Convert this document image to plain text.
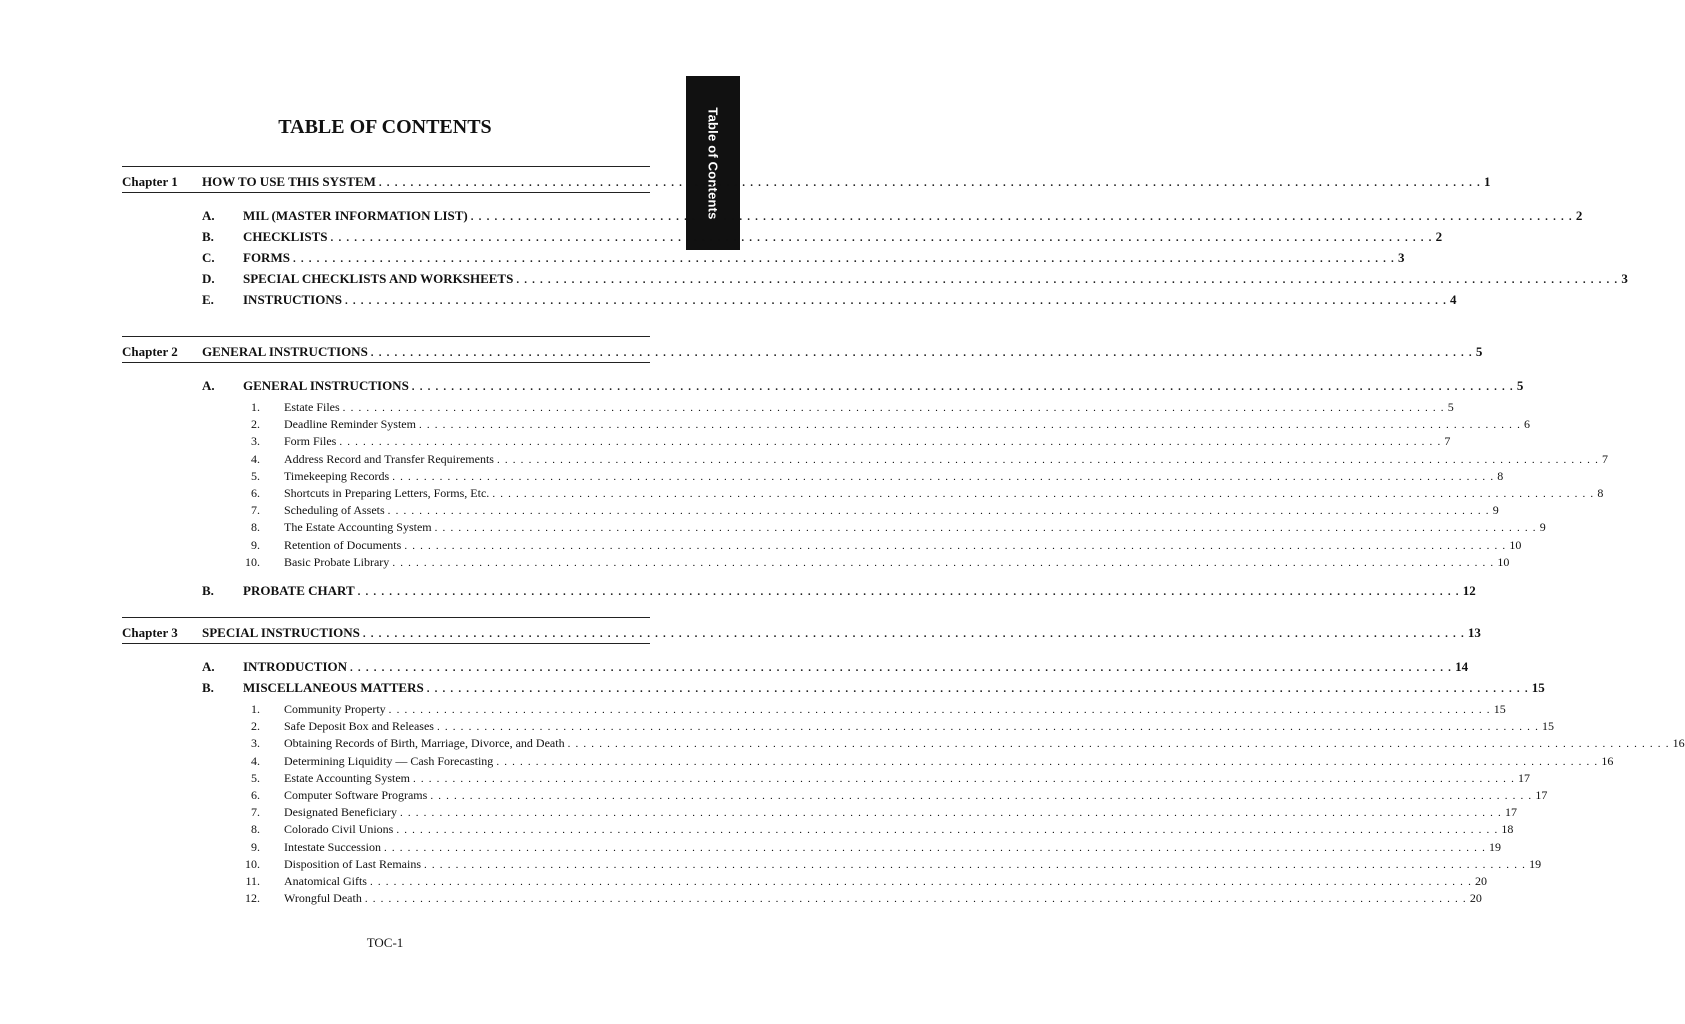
Table of Contents
TABLE OF CONTENTS
Chapter 1 HOW TO USE THIS SYSTEM . . . . . . . . . . . . . . . . . . . . . . . . . . . . . . . . . . . . . . . . . . . . . . . . . . . . . . . . . . . . . . . . . . . . . . . . . . . . . . . . . . . . . . . . . . . . . . . . . . . . . . . . . . . . . . . . . . . . . . . . . . . . . . . . . . . . . . . . . . . . 1
A. MIL (MASTER INFORMATION LIST) . . . . . . . . . . . . . . . . . . . . . . . . . . . . . . . . . . . . . . . . . . . . . . . . . . . . . . . . . . . . . . . . . . . . . . . . . . . . . . . . . . . . . . . . . . . . . . . . . . . . . . . . . . . . . . . . . . . . . . . . . . . . . . . . . . . . . . . . . . . . 2
B. CHECKLISTS . . . . . . . . . . . . . . . . . . . . . . . . . . . . . . . . . . . . . . . . . . . . . . . . . . . . . . . . . . . . . . . . . . . . . . . . . . . . . . . . . . . . . . . . . . . . . . . . . . . . . . . . . . . . . . . . . . . . . . . . . . . . . . . . . . . . . . . . . . . . 2
C. FORMS . . . . . . . . . . . . . . . . . . . . . . . . . . . . . . . . . . . . . . . . . . . . . . . . . . . . . . . . . . . . . . . . . . . . . . . . . . . . . . . . . . . . . . . . . . . . . . . . . . . . . . . . . . . . . . . . . . . . . . . . . . . . . . . . . . . . . . . . . . . . 3
D. SPECIAL CHECKLISTS AND WORKSHEETS . . . . . . . . . . . . . . . . . . . . . . . . . . . . . . . . . . . . . . . . . . . . . . . . . . . . . . . . . . . . . . . . . . . . . . . . . . . . . . . . . . . . . . . . . . . . . . . . . . . . . . . . . . . . . . . . . . . . . . . . . . . . . . . . . . . . . . . . . . . . 3
E. INSTRUCTIONS . . . . . . . . . . . . . . . . . . . . . . . . . . . . . . . . . . . . . . . . . . . . . . . . . . . . . . . . . . . . . . . . . . . . . . . . . . . . . . . . . . . . . . . . . . . . . . . . . . . . . . . . . . . . . . . . . . . . . . . . . . . . . . . . . . . . . . . . . . . . 4
Chapter 2 GENERAL INSTRUCTIONS . . . . . . . . . . . . . . . . . . . . . . . . . . . . . . . . . . . . . . . . . . . . . . . . . . . . . . . . . . . . . . . . . . . . . . . . . . . . . . . . . . . . . . . . . . . . . . . . . . . . . . . . . . . . . . . . . . . . . . . . . . . . . . . . . . . . . . . . . . . . 5
A. GENERAL INSTRUCTIONS . . . . . . . . . . . . . . . . . . . . . . . . . . . . . . . . . . . . . . . . . . . . . . . . . . . . . . . . . . . . . . . . . . . . . . . . . . . . . . . . . . . . . . . . . . . . . . . . . . . . . . . . . . . . . . . . . . . . . . . . . . . . . . . . . . . . . . . . . . . . 5
1. Estate Files . . . . . . . . . . . . . . . . . . . . . . . . . . . . . . . . . . . . . . . . . . . . . . . . . . . . . . . . . . . . . . . . . . . . . . . . . . . . . . . . . . . . . . . . . . . . . . . . . . . . . . . . . . . . . . . . . . . . . . . . . . . . . . . . . . . . . . . . . . . . 5
2. Deadline Reminder System . . . . . . . . . . . . . . . . . . . . . . . . . . . . . . . . . . . . . . . . . . . . . . . . . . . . . . . . . . . . . . . . . . . . . . . . . . . . . . . . . . . . . . . . . . . . . . . . . . . . . . . . . . . . . . . . . . . . . . . . . . . . . . . . . . . . . . . . . . . . 6
3. Form Files . . . . . . . . . . . . . . . . . . . . . . . . . . . . . . . . . . . . . . . . . . . . . . . . . . . . . . . . . . . . . . . . . . . . . . . . . . . . . . . . . . . . . . . . . . . . . . . . . . . . . . . . . . . . . . . . . . . . . . . . . . . . . . . . . . . . . . . . . . . . 7
4. Address Record and Transfer Requirements . . . . . . . . . . . . . . . . . . . . . . . . . . . . . . . . . . . . . . . . . . . . . . . . . . . . . . . . . . . . . . . . . . . . . . . . . . . . . . . . . . . . . . . . . . . . . . . . . . . . . . . . . . . . . . . . . . . . . . . . . . . . . . . . . . . . . . . . . . . . 7
5. Timekeeping Records . . . . . . . . . . . . . . . . . . . . . . . . . . . . . . . . . . . . . . . . . . . . . . . . . . . . . . . . . . . . . . . . . . . . . . . . . . . . . . . . . . . . . . . . . . . . . . . . . . . . . . . . . . . . . . . . . . . . . . . . . . . . . . . . . . . . . . . . . . . . 8
6. Shortcuts in Preparing Letters, Forms, Etc. . . . . . . . . . . . . . . . . . . . . . . . . . . . . . . . . . . . . . . . . . . . . . . . . . . . . . . . . . . . . . . . . . . . . . . . . . . . . . . . . . . . . . . . . . . . . . . . . . . . . . . . . . . . . . . . . . . . . . . . . . . . . . . . . . . . . . . . . . . . . 8
7. Scheduling of Assets . . . . . . . . . . . . . . . . . . . . . . . . . . . . . . . . . . . . . . . . . . . . . . . . . . . . . . . . . . . . . . . . . . . . . . . . . . . . . . . . . . . . . . . . . . . . . . . . . . . . . . . . . . . . . . . . . . . . . . . . . . . . . . . . . . . . . . . . . . . . 9
8. The Estate Accounting System . . . . . . . . . . . . . . . . . . . . . . . . . . . . . . . . . . . . . . . . . . . . . . . . . . . . . . . . . . . . . . . . . . . . . . . . . . . . . . . . . . . . . . . . . . . . . . . . . . . . . . . . . . . . . . . . . . . . . . . . . . . . . . . . . . . . . . . . . . . . 9
9. Retention of Documents . . . . . . . . . . . . . . . . . . . . . . . . . . . . . . . . . . . . . . . . . . . . . . . . . . . . . . . . . . . . . . . . . . . . . . . . . . . . . . . . . . . . . . . . . . . . . . . . . . . . . . . . . . . . . . . . . . . . . . . . . . . . . . . . . . . . . . . . . . . . 10
10. Basic Probate Library . . . . . . . . . . . . . . . . . . . . . . . . . . . . . . . . . . . . . . . . . . . . . . . . . . . . . . . . . . . . . . . . . . . . . . . . . . . . . . . . . . . . . . . . . . . . . . . . . . . . . . . . . . . . . . . . . . . . . . . . . . . . . . . . . . . . . . . . . . . . 10
B. PROBATE CHART . . . . . . . . . . . . . . . . . . . . . . . . . . . . . . . . . . . . . . . . . . . . . . . . . . . . . . . . . . . . . . . . . . . . . . . . . . . . . . . . . . . . . . . . . . . . . . . . . . . . . . . . . . . . . . . . . . . . . . . . . . . . . . . . . . . . . . . . . . . . 12
Chapter 3 SPECIAL INSTRUCTIONS . . . . . . . . . . . . . . . . . . . . . . . . . . . . . . . . . . . . . . . . . . . . . . . . . . . . . . . . . . . . . . . . . . . . . . . . . . . . . . . . . . . . . . . . . . . . . . . . . . . . . . . . . . . . . . . . . . . . . . . . . . . . . . . . . . . . . . . . . . . . 13
A. INTRODUCTION . . . . . . . . . . . . . . . . . . . . . . . . . . . . . . . . . . . . . . . . . . . . . . . . . . . . . . . . . . . . . . . . . . . . . . . . . . . . . . . . . . . . . . . . . . . . . . . . . . . . . . . . . . . . . . . . . . . . . . . . . . . . . . . . . . . . . . . . . . . . 14
B. MISCELLANEOUS MATTERS . . . . . . . . . . . . . . . . . . . . . . . . . . . . . . . . . . . . . . . . . . . . . . . . . . . . . . . . . . . . . . . . . . . . . . . . . . . . . . . . . . . . . . . . . . . . . . . . . . . . . . . . . . . . . . . . . . . . . . . . . . . . . . . . . . . . . . . . . . . . 15
1. Community Property . . . . . . . . . . . . . . . . . . . . . . . . . . . . . . . . . . . . . . . . . . . . . . . . . . . . . . . . . . . . . . . . . . . . . . . . . . . . . . . . . . . . . . . . . . . . . . . . . . . . . . . . . . . . . . . . . . . . . . . . . . . . . . . . . . . . . . . . . . . . 15
2. Safe Deposit Box and Releases . . . . . . . . . . . . . . . . . . . . . . . . . . . . . . . . . . . . . . . . . . . . . . . . . . . . . . . . . . . . . . . . . . . . . . . . . . . . . . . . . . . . . . . . . . . . . . . . . . . . . . . . . . . . . . . . . . . . . . . . . . . . . . . . . . . . . . . . . . . . 15
3. Obtaining Records of Birth, Marriage, Divorce, and Death . . . . . . . . . . . . . . . . . . . . . . . . . . . . . . . . . . . . . . . . . . . . . . . . . . . . . . . . . . . . . . . . . . . . . . . . . . . . . . . . . . . . . . . . . . . . . . . . . . . . . . . . . . . . . . . . . . . . . . . . . . . . . . . . . . . . . . . . . . . . 16
4. Determining Liquidity — Cash Forecasting . . . . . . . . . . . . . . . . . . . . . . . . . . . . . . . . . . . . . . . . . . . . . . . . . . . . . . . . . . . . . . . . . . . . . . . . . . . . . . . . . . . . . . . . . . . . . . . . . . . . . . . . . . . . . . . . . . . . . . . . . . . . . . . . . . . . . . . . . . . . 16
5. Estate Accounting System . . . . . . . . . . . . . . . . . . . . . . . . . . . . . . . . . . . . . . . . . . . . . . . . . . . . . . . . . . . . . . . . . . . . . . . . . . . . . . . . . . . . . . . . . . . . . . . . . . . . . . . . . . . . . . . . . . . . . . . . . . . . . . . . . . . . . . . . . . . . 17
6. Computer Software Programs . . . . . . . . . . . . . . . . . . . . . . . . . . . . . . . . . . . . . . . . . . . . . . . . . . . . . . . . . . . . . . . . . . . . . . . . . . . . . . . . . . . . . . . . . . . . . . . . . . . . . . . . . . . . . . . . . . . . . . . . . . . . . . . . . . . . . . . . . . . . 17
7. Designated Beneficiary . . . . . . . . . . . . . . . . . . . . . . . . . . . . . . . . . . . . . . . . . . . . . . . . . . . . . . . . . . . . . . . . . . . . . . . . . . . . . . . . . . . . . . . . . . . . . . . . . . . . . . . . . . . . . . . . . . . . . . . . . . . . . . . . . . . . . . . . . . . . 17
8. Colorado Civil Unions . . . . . . . . . . . . . . . . . . . . . . . . . . . . . . . . . . . . . . . . . . . . . . . . . . . . . . . . . . . . . . . . . . . . . . . . . . . . . . . . . . . . . . . . . . . . . . . . . . . . . . . . . . . . . . . . . . . . . . . . . . . . . . . . . . . . . . . . . . . . 18
9. Intestate Succession . . . . . . . . . . . . . . . . . . . . . . . . . . . . . . . . . . . . . . . . . . . . . . . . . . . . . . . . . . . . . . . . . . . . . . . . . . . . . . . . . . . . . . . . . . . . . . . . . . . . . . . . . . . . . . . . . . . . . . . . . . . . . . . . . . . . . . . . . . . . 19
10. Disposition of Last Remains . . . . . . . . . . . . . . . . . . . . . . . . . . . . . . . . . . . . . . . . . . . . . . . . . . . . . . . . . . . . . . . . . . . . . . . . . . . . . . . . . . . . . . . . . . . . . . . . . . . . . . . . . . . . . . . . . . . . . . . . . . . . . . . . . . . . . . . . . . . . 19
11. Anatomical Gifts . . . . . . . . . . . . . . . . . . . . . . . . . . . . . . . . . . . . . . . . . . . . . . . . . . . . . . . . . . . . . . . . . . . . . . . . . . . . . . . . . . . . . . . . . . . . . . . . . . . . . . . . . . . . . . . . . . . . . . . . . . . . . . . . . . . . . . . . . . . . 20
12. Wrongful Death . . . . . . . . . . . . . . . . . . . . . . . . . . . . . . . . . . . . . . . . . . . . . . . . . . . . . . . . . . . . . . . . . . . . . . . . . . . . . . . . . . . . . . . . . . . . . . . . . . . . . . . . . . . . . . . . . . . . . . . . . . . . . . . . . . . . . . . . . . . . 20
TOC-1
